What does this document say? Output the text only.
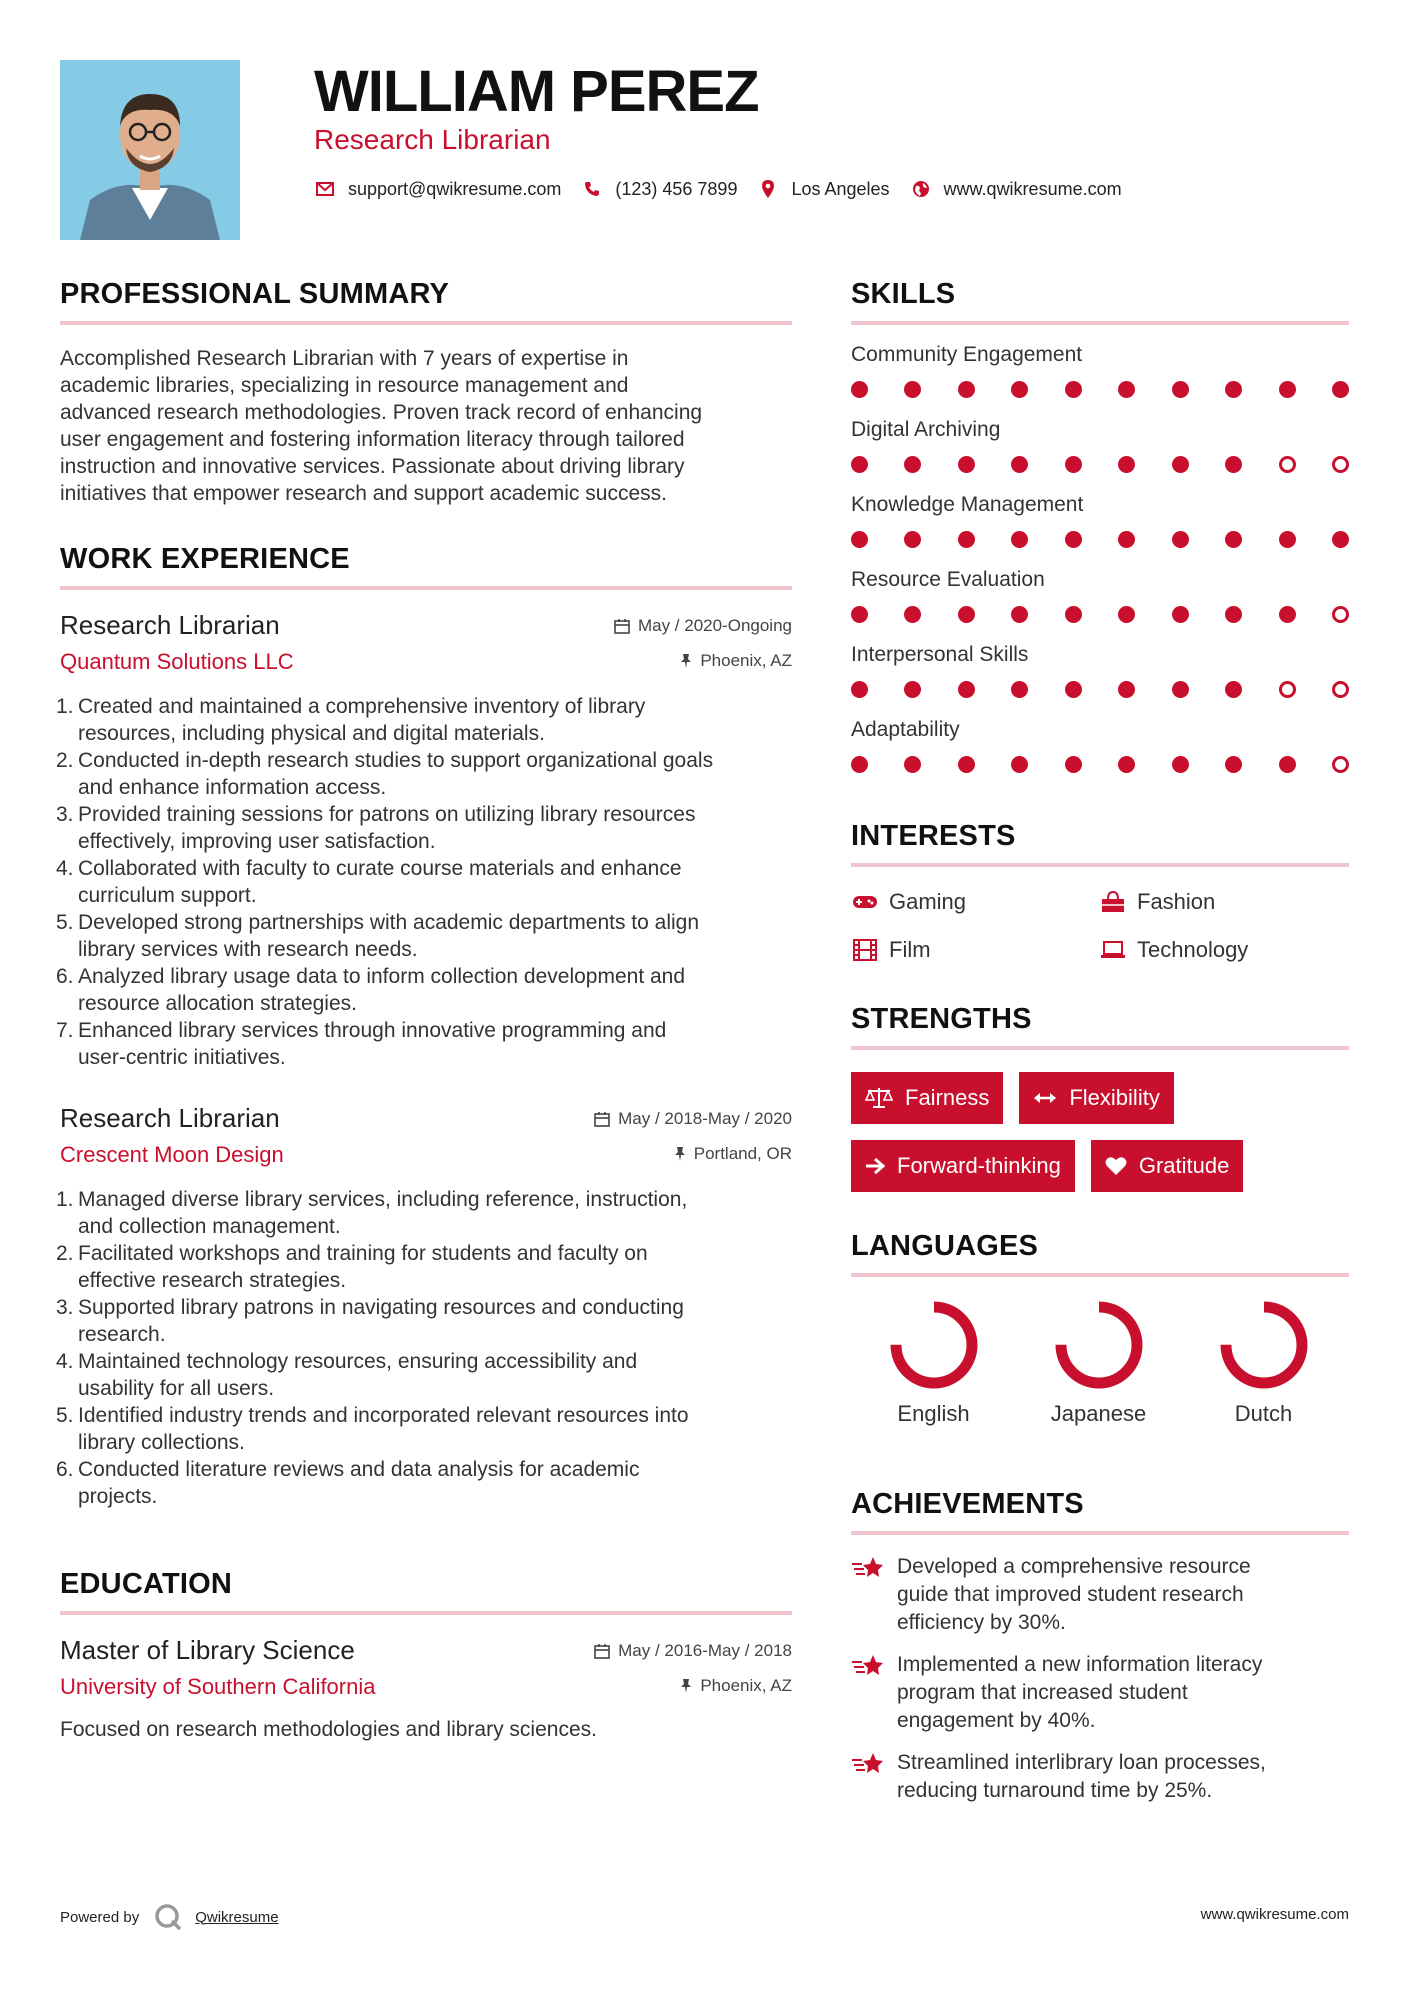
WILLIAM PEREZ
Research Librarian
support@qwikresume.com	(123) 456 7899	Los Angeles	www.qwikresume.com
PROFESSIONAL SUMMARY
Accomplished Research Librarian with 7 years of expertise in
academic libraries, specializing in resource management and
advanced research methodologies. Proven track record of enhancing
user engagement and fostering information literacy through tailored
instruction and innovative services. Passionate about driving library
initiatives that empower research and support academic success.
WORK EXPERIENCE
Research Librarian	May / 2020-Ongoing
Quantum Solutions LLC	Phoenix, AZ
1. Created and maintained a comprehensive inventory of library
resources, including physical and digital materials.
2. Conducted in-depth research studies to support organizational goals
and enhance information access.
3. Provided training sessions for patrons on utilizing library resources
effectively, improving user satisfaction.
4. Collaborated with faculty to curate course materials and enhance
curriculum support.
5. Developed strong partnerships with academic departments to align
library services with research needs.
6. Analyzed library usage data to inform collection development and
resource allocation strategies.
7. Enhanced library services through innovative programming and
user-centric initiatives.
Research Librarian	May / 2018-May / 2020
Crescent Moon Design	Portland, OR
1. Managed diverse library services, including reference, instruction,
and collection management.
2. Facilitated workshops and training for students and faculty on
effective research strategies.
3. Supported library patrons in navigating resources and conducting
research.
4. Maintained technology resources, ensuring accessibility and
usability for all users.
5. Identified industry trends and incorporated relevant resources into
library collections.
6. Conducted literature reviews and data analysis for academic
projects.
EDUCATION
Master of Library Science	May / 2016-May / 2018
University of Southern California	Phoenix, AZ
Focused on research methodologies and library sciences.
SKILLS
Community Engagement
Digital Archiving
Knowledge Management
Resource Evaluation
Interpersonal Skills
Adaptability
INTERESTS
Gaming	Fashion
Film	Technology
STRENGTHS
Fairness	Flexibility
Forward-thinking	Gratitude
LANGUAGES
English	Japanese	Dutch
ACHIEVEMENTS
Developed a comprehensive resource
guide that improved student research
efficiency by 30%.
Implemented a new information literacy
program that increased student
engagement by 40%.
Streamlined interlibrary loan processes,
reducing turnaround time by 25%.
Powered by	Qwikresume	www.qwikresume.com
